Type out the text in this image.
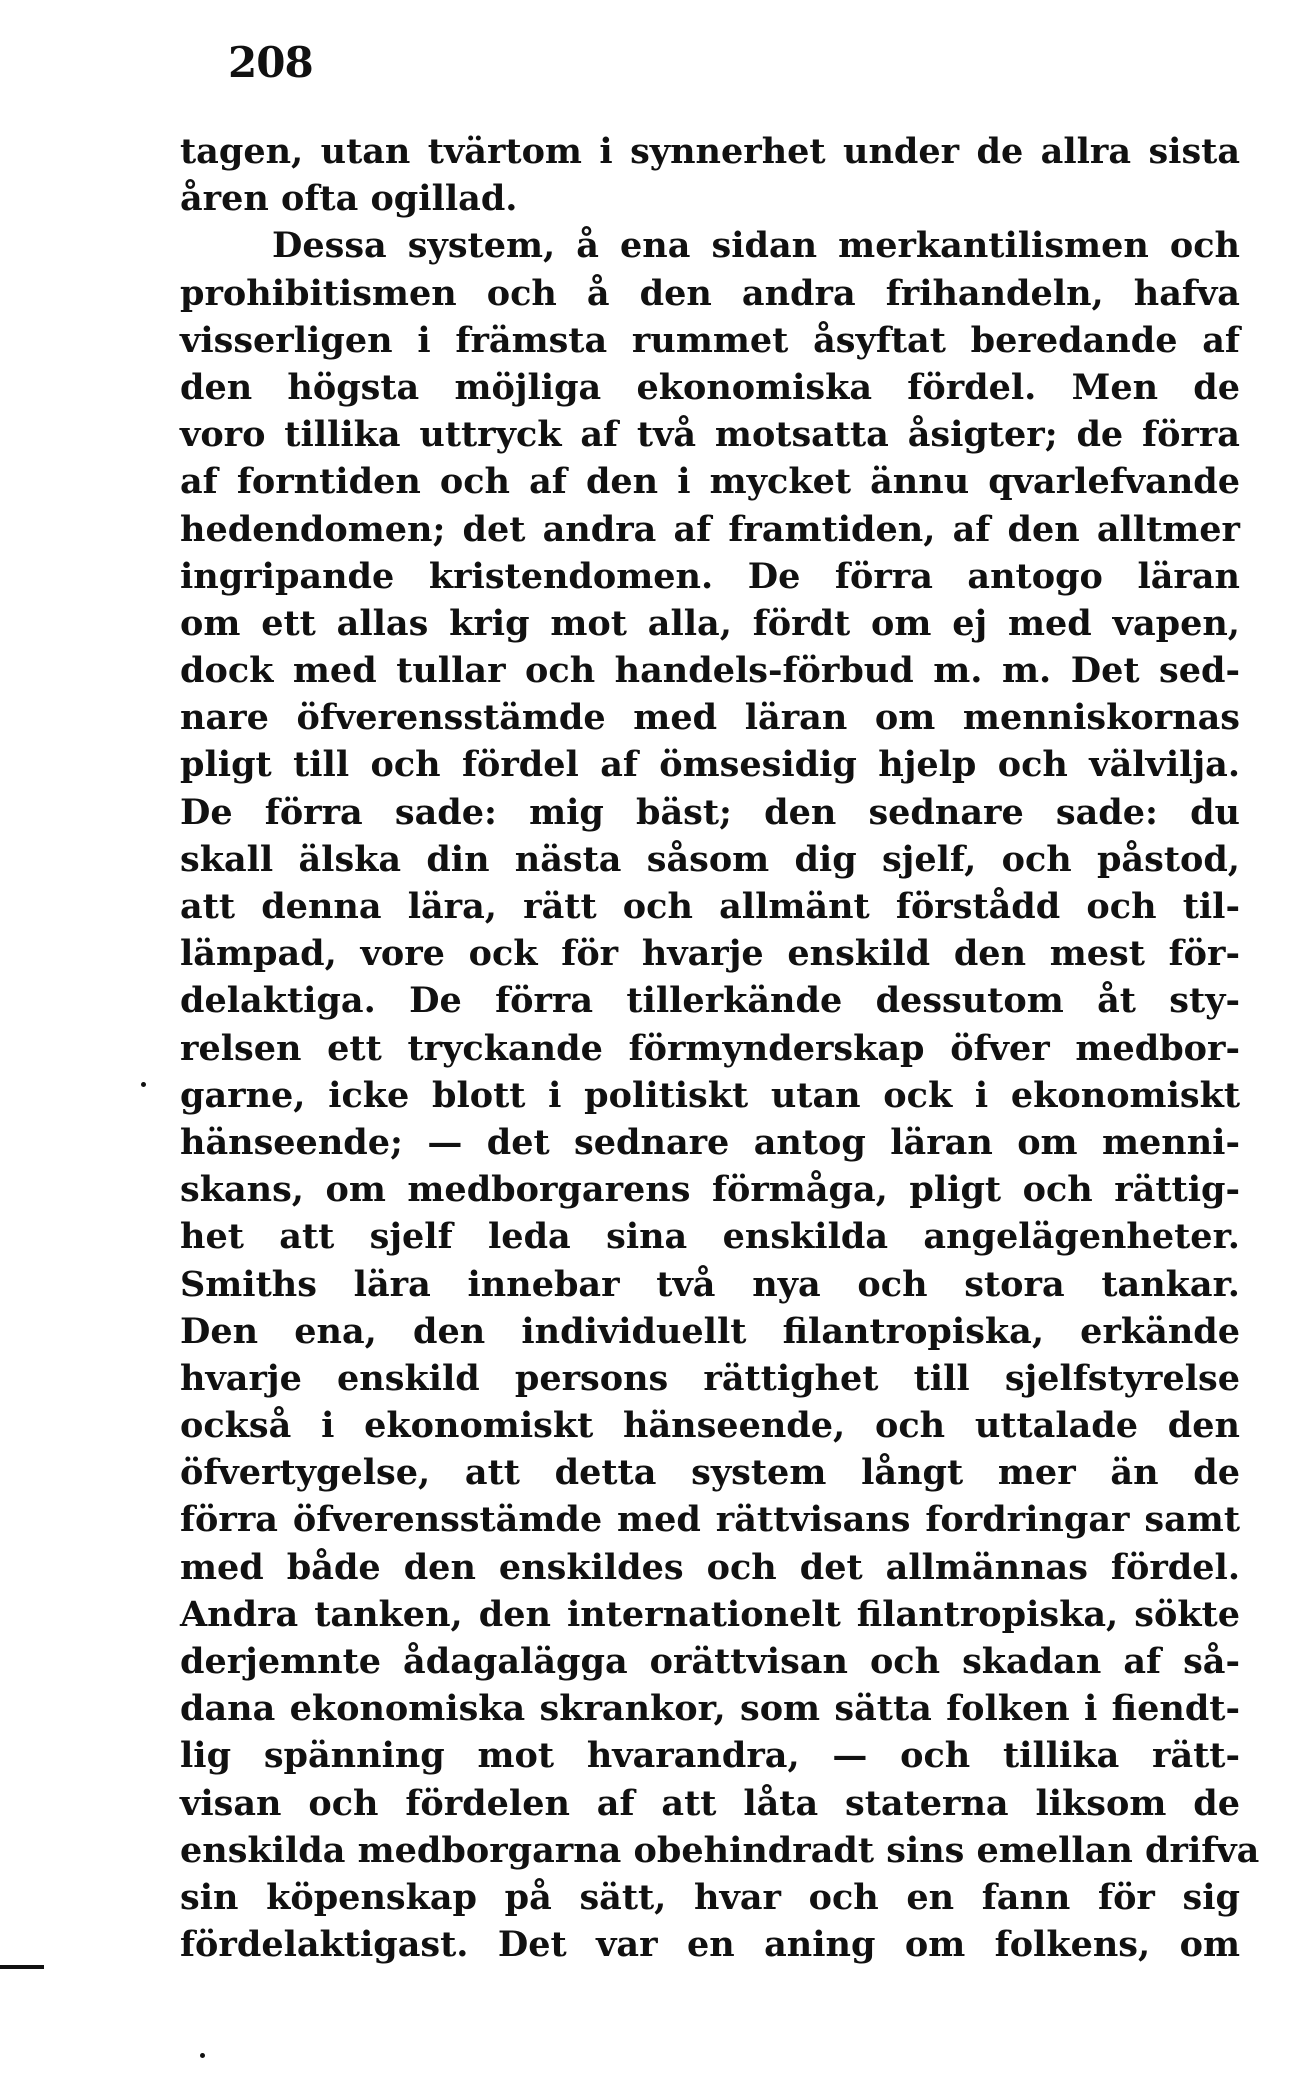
208
tagen, utan tvärtom i synnerhet under de allra sista
åren ofta ogillad.
Dessa system, å ena sidan merkantilismen och
prohibitismen och å den andra frihandeln, hafva
visserligen i främsta rummet åsyftat beredande af
den högsta möjliga ekonomiska fördel. Men de
voro tillika uttryck af två motsatta åsigter; de förra
af forntiden och af den i mycket ännu qvarlefvande
hedendomen; det andra af framtiden, af den alltmer
ingripande kristendomen. De förra antogo läran
om ett allas krig mot alla, fördt om ej med vapen,
dock med tullar och handels-förbud m. m. Det sed-
nare öfverensstämde med läran om menniskornas
pligt till och fördel af ömsesidig hjelp och välvilja.
De förra sade: mig bäst; den sednare sade: du
skall älska din nästa såsom dig sjelf, och påstod,
att denna lära, rätt och allmänt förstådd och til-
lämpad, vore ock för hvarje enskild den mest för-
delaktiga. De förra tillerkände dessutom åt sty-
relsen ett tryckande förmynderskap öfver medbor-
garne, icke blott i politiskt utan ock i ekonomiskt
hänseende; — det sednare antog läran om menni-
skans, om medborgarens förmåga, pligt och rättig-
het att sjelf leda sina enskilda angelägenheter.
Smiths lära innebar två nya och stora tankar.
Den ena, den individuellt filantropiska, erkände
hvarje enskild persons rättighet till sjelfstyrelse
också i ekonomiskt hänseende, och uttalade den
öfvertygelse, att detta system långt mer än de
förra öfverensstämde med rättvisans fordringar samt
med både den enskildes och det allmännas fördel.
Andra tanken, den internationelt filantropiska, sökte
derjemnte ådagalägga orättvisan och skadan af så-
dana ekonomiska skrankor, som sätta folken i fiendt-
lig spänning mot hvarandra, — och tillika rätt-
visan och fördelen af att låta staterna liksom de
enskilda medborgarna obehindradt sins emellan drifva
sin köpenskap på sätt, hvar och en fann för sig
fördelaktigast. Det var en aning om folkens, om
